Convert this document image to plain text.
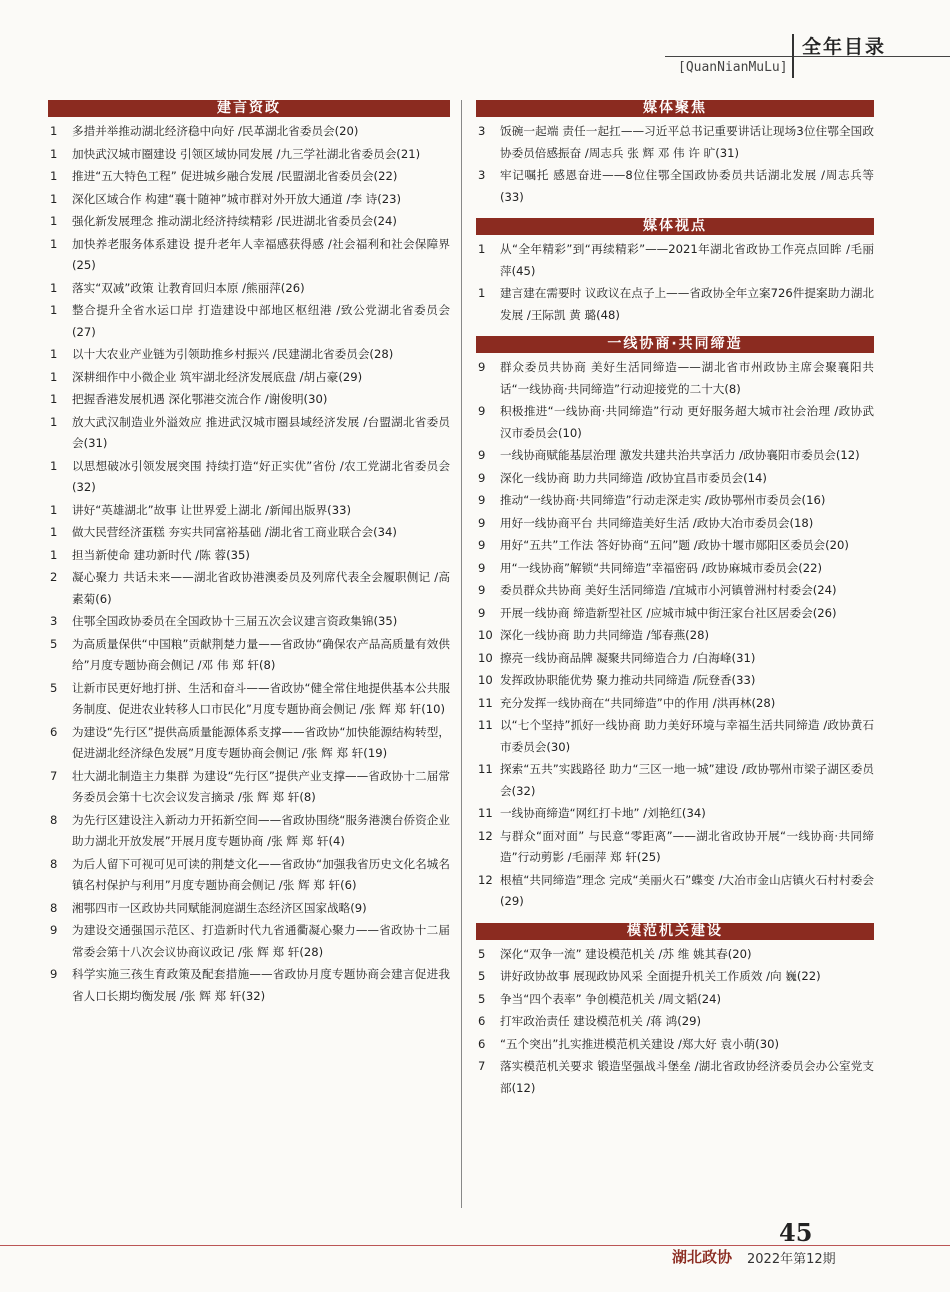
全年目录
[QuanNianMuLu]
建言资政
1	多措并举推动湖北经济稳中向好 /民革湖北省委员会(20)
1	加快武汉城市圈建设 引领区域协同发展 /九三学社湖北省委员会(21)
1	推进“五大特色工程” 促进城乡融合发展 /民盟湖北省委员会(22)
1	深化区域合作 构建“襄十随神”城市群对外开放大通道 /李 诗(23)
1	强化新发展理念 推动湖北经济持续精彩 /民进湖北省委员会(24)
1	加快养老服务体系建设 提升老年人幸福感获得感 /社会福利和社会保障界(25)
1	落实“双减”政策 让教育回归本原 /熊丽萍(26)
1	整合提升全省水运口岸 打造建设中部地区枢纽港 /致公党湖北省委员会(27)
1	以十大农业产业链为引领助推乡村振兴 /民建湖北省委员会(28)
1	深耕细作中小微企业 筑牢湖北经济发展底盘 /胡占豪(29)
1	把握香港发展机遇 深化鄂港交流合作 /谢俊明(30)
1	放大武汉制造业外溢效应 推进武汉城市圈县域经济发展 /台盟湖北省委员会(31)
1	以思想破冰引领发展突围 持续打造“好正实优”省份 /农工党湖北省委员会(32)
1	讲好“英雄湖北”故事 让世界爱上湖北 /新闻出版界(33)
1	做大民营经济蛋糕 夯实共同富裕基础 /湖北省工商业联合会(34)
1	担当新使命 建功新时代 /陈 蓉(35)
2	凝心聚力 共话未来——湖北省政协港澳委员及列席代表全会履职侧记 /高素菊(6)
3	住鄂全国政协委员在全国政协十三届五次会议建言资政集锦(35)
5	为高质量保供“中国粮”贡献荆楚力量——省政协“确保农产品高质量有效供给”月度专题协商会侧记 /邓 伟 郑 轩(8)
5	让新市民更好地打拼、生活和奋斗——省政协“健全常住地提供基本公共服务制度、促进农业转移人口市民化”月度专题协商会侧记 /张 辉 郑 轩(10)
6	为建设“先行区”提供高质量能源体系支撑——省政协“加快能源结构转型，促进湖北经济绿色发展”月度专题协商会侧记 /张 辉 郑 轩(19)
7	壮大湖北制造主力集群 为建设“先行区”提供产业支撑——省政协十二届常务委员会第十七次会议发言摘录 /张 辉 郑 轩(8)
8	为先行区建设注入新动力开拓新空间——省政协围绕“服务港澳台侨资企业 助力湖北开放发展”开展月度专题协商 /张 辉 郑 轩(4)
8	为后人留下可视可见可读的荆楚文化——省政协“加强我省历史文化名城名镇名村保护与利用”月度专题协商会侧记 /张 辉 郑 轩(6)
8	湘鄂四市一区政协共同赋能洞庭湖生态经济区国家战略(9)
9	为建设交通强国示范区、打造新时代九省通衢凝心聚力——省政协十二届常委会第十八次会议协商议政记 /张 辉 郑 轩(28)
9	科学实施三孩生育政策及配套措施——省政协月度专题协商会建言促进我省人口长期均衡发展 /张 辉 郑 轩(32)
媒体聚焦
3	饭碗一起端 责任一起扛——习近平总书记重要讲话让现场3位住鄂全国政协委员倍感振奋 /周志兵 张 辉 邓 伟 许 旷(31)
3	牢记嘱托 感恩奋进——8位住鄂全国政协委员共话湖北发展 /周志兵等(33)
媒体视点
1	从“全年精彩”到“再续精彩”——2021年湖北省政协工作亮点回眸 /毛丽萍(45)
1	建言建在需要时 议政议在点子上——省政协全年立案726件提案助力湖北发展 /王际凯 黄 璐(48)
一线协商·共同缔造
9	群众委员共协商 美好生活同缔造——湖北省市州政协主席会聚襄阳共话“一线协商·共同缔造”行动迎接党的二十大(8)
9	积极推进“一线协商·共同缔造”行动 更好服务超大城市社会治理 /政协武汉市委员会(10)
9	一线协商赋能基层治理 激发共建共治共享活力 /政协襄阳市委员会(12)
9	深化一线协商 助力共同缔造 /政协宜昌市委员会(14)
9	推动“一线协商·共同缔造”行动走深走实 /政协鄂州市委员会(16)
9	用好一线协商平台 共同缔造美好生活 /政协大冶市委员会(18)
9	用好“五共”工作法 答好协商“五问”题 /政协十堰市郧阳区委员会(20)
9	用“一线协商”解锁“共同缔造”幸福密码 /政协麻城市委员会(22)
9	委员群众共协商 美好生活同缔造 /宜城市小河镇曾洲村村委会(24)
9	开展一线协商 缔造新型社区 /应城市城中街汪家台社区居委会(26)
10 深化一线协商 助力共同缔造 /邹春燕(28)
10 擦亮一线协商品牌 凝聚共同缔造合力 /白海峰(31)
10 发挥政协职能优势 聚力推动共同缔造 /阮登香(33)
11 充分发挥一线协商在“共同缔造”中的作用 /洪再林(28)
11 以“七个坚持”抓好一线协商 助力美好环境与幸福生活共同缔造 /政协黄石市委员会(30)
11 探索“五共”实践路径 助力“三区一地一城”建设 /政协鄂州市梁子湖区委员会(32)
11 一线协商缔造“网红打卡地” /刘艳红(34)
12 与群众“面对面” 与民意“零距离”——湖北省政协开展“一线协商·共同缔造”行动剪影 /毛丽萍 郑 轩(25)
12 根植“共同缔造”理念 完成“美丽火石”蝶变 /大冶市金山店镇火石村村委会(29)
模范机关建设
5	深化“双争一流” 建设模范机关 /苏 维 姚其春(20)
5	讲好政协故事 展现政协风采 全面提升机关工作质效 /向 巍(22)
5	争当“四个表率” 争创模范机关 /周文韬(24)
6	打牢政治责任 建设模范机关 /蒋 鸿(29)
6	“五个突出”扎实推进模范机关建设 /郑大好 袁小萌(30)
7	落实模范机关要求 锻造坚强战斗堡垒 /湖北省政协经济委员会办公室党支部(12)
45
湖北政协 2022年第12期
